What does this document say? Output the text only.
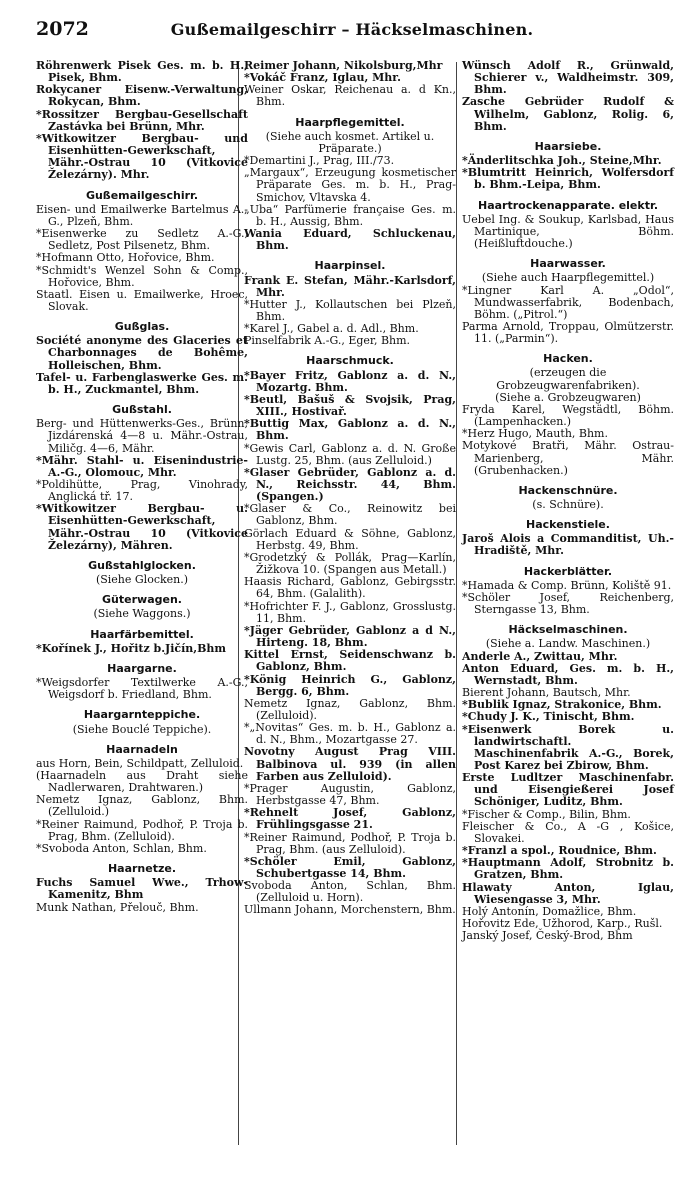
2072	Gußemailgeschirr – Häckselmaschinen.
Röhrenwerk Pisek Ges. m. b. H., Pisek, Bhm.
Rokycaner Eisenw.-Verwaltung, Rokycan, Bhm.
*Rossitzer Bergbau-Gesellschaft Zastávka bei Brünn, Mhr.
*Witkowitzer Bergbau- und Eisenhütten-Gewerkschaft, Mähr.-Ostrau 10 (Vitkovice Železárny). Mhr.
Gußemailgeschirr.
Eisen- und Emailwerke Bartelmus A.-G., Plzeň, Bhm.
*Eisenwerke zu Sedletz A.-G., Sedletz, Post Pilsenetz, Bhm.
*Hofmann Otto, Hořovice, Bhm.
*Schmidt's Wenzel Sohn & Comp., Hořovice, Bhm.
Staatl. Eisen u. Emailwerke, Hroec, Slovak.
Gußglas.
Société anonyme des Glaceries et Charbonnages de Bohême, Holleischen, Bhm.
Tafel- u. Farbenglaswerke Ges. m. b. H., Zuckmantel, Bhm.
Gußstahl.
Berg- und Hüttenwerks-Ges., Brünn, Jizdárenská 4—8 u. Mähr.-Ostrau, Miličg. 4—6, Mähr.
*Mähr. Stahl- u. Eisenindustrie-A.-G., Olomouc, Mhr.
*Poldihütte, Prag, Vinohrady, Anglická tř. 17.
*Witkowitzer Bergbau- u. Eisenhütten-Gewerkschaft, Mähr.-Ostrau 10 (Vitkovice Železárny), Mähren.
Gußstahlglocken.
(Siehe Glocken.)
Güterwagen.
(Siehe Waggons.)
Haarfärbemittel.
*Kořínek J., Hořitz b.Jičín,Bhm
Haargarne.
*Weigsdorfer Textilwerke A.-G., Weigsdorf b. Friedland, Bhm.
Haargarnteppiche.
(Siehe Bouclé Teppiche).
Haarnadeln
aus Horn, Bein, Schildpatt, Zelluloid.
(Haarnadeln aus Draht siehe Nadlerwaren, Drahtwaren.)
Nemetz Ignaz, Gablonz, Bhm. (Zelluloid.)
*Reiner Raimund, Podhoř, P. Troja b. Prag, Bhm. (Zelluloid).
*Svoboda Anton, Schlan, Bhm.
Haarnetze.
Fuchs Samuel Wwe., Trhow-Kamenitz, Bhm
Munk Nathan, Přelouč, Bhm.
Reimer Johann, Nikolsburg,Mhr
*Vokáč Franz, Iglau, Mhr.
Weiner Oskar, Reichenau a. d Kn., Bhm.
Haarpflegemittel.
(Siehe auch kosmet. Artikel u. Präparate.)
*Demartini J., Prag, III./73.
„Margaux“, Erzeugung kosmetischer Präparate Ges. m. b. H., Prag-Smichov, Vltavska 4.
„Uba“ Parfümerie française Ges. m. b. H., Aussig, Bhm.
Wania Eduard, Schluckenau, Bhm.
Haarpinsel.
Frank E. Stefan, Mähr.-Karlsdorf, Mhr.
*Hutter J., Kollautschen bei Plzeň, Bhm.
*Karel J., Gabel a. d. Adl., Bhm.
Pinselfabrik A.-G., Eger, Bhm.
Haarschmuck.
*Bayer Fritz, Gablonz a. d. N., Mozartg. Bhm.
*Beutl, Bašuš & Svojsik, Prag, XIII., Hostivař.
*Buttig Max, Gablonz a. d. N., Bhm.
*Gewis Carl, Gablonz a. d. N. Große Lustg. 25, Bhm. (aus Zelluloid.)
*Glaser Gebrüder, Gablonz a. d. N., Reichsstr. 44, Bhm. (Spangen.)
*Glaser & Co., Reinowitz bei Gablonz, Bhm.
Görlach Eduard & Söhne, Gablonz, Herbstg. 49, Bhm.
*Grodetzký & Pollák, Prag—Karlín, Žižkova 10. (Spangen aus Metall.)
Haasis Richard, Gablonz, Gebirgsstr. 64, Bhm. (Galalith).
*Hofrichter F. J., Gablonz, Grosslustg. 11, Bhm.
*Jäger Gebrüder, Gablonz a d N., Hirteng. 18, Bhm.
Kittel Ernst, Seidenschwanz b. Gablonz, Bhm.
*König Heinrich G., Gablonz, Bergg. 6, Bhm.
Nemetz Ignaz, Gablonz, Bhm. (Zelluloid).
*„Novitas“ Ges. m. b. H., Gablonz a. d. N., Bhm., Mozartgasse 27.
Novotny August Prag VIII. Balbinova ul. 939 (in allen Farben aus Zelluloid).
*Prager Augustin, Gablonz, Herbstgasse 47, Bhm.
*Rehnelt Josef, Gablonz, Frühlingsgasse 21.
*Reiner Raimund, Podhoř, P. Troja b. Prag, Bhm. (aus Zelluloid).
*Schöler Emil, Gablonz, Schubertgasse 14, Bhm.
Svoboda Anton, Schlan, Bhm. (Zelluloid u. Horn).
Ullmann Johann, Morchenstern, Bhm.
Wünsch Adolf R., Grünwald, Schierer v., Waldheimstr. 309, Bhm.
Zasche Gebrüder Rudolf & Wilhelm, Gablonz, Rolig. 6, Bhm.
Haarsiebe.
*Änderlitschka Joh., Steine,Mhr.
*Blumtritt Heinrich, Wolfersdorf b. Bhm.-Leipa, Bhm.
Haartrockenapparate. elektr.
Uebel Ing. & Soukup, Karlsbad, Haus Martinique, Böhm. (Heißluftdouche.)
Haarwasser.
(Siehe auch Haarpflegemittel.)
*Lingner Karl A. „Odol“, Mundwasserfabrik, Bodenbach, Böhm. („Pitrol.“)
Parma Arnold, Troppau, Olmützerstr. 11. („Parmin“).
Hacken.
(erzeugen die Grobzeugwarenfabriken).
(Siehe a. Grobzeugwaren)
Fryda Karel, Wegstädtl, Böhm. (Lampenhacken.)
*Herz Hugo, Mauth, Bhm.
Motykové Bratři, Mähr. Ostrau-Marienberg, Mähr. (Grubenhacken.)
Hackenschnüre.
(s. Schnüre).
Hackenstiele.
Jaroš Alois a Commanditist, Uh.-Hradiště, Mhr.
Hackerblätter.
*Hamada & Comp. Brünn, Koliště 91.
*Schöler Josef, Reichenberg, Sterngasse 13, Bhm.
Häckselmaschinen.
(Siehe a. Landw. Maschinen.)
Anderle A., Zwittau, Mhr.
Anton Eduard, Ges. m. b. H., Wernstadt, Bhm.
Bierent Johann, Bautsch, Mhr.
*Bublik Ignaz, Strakonice, Bhm.
*Chudy J. K., Tinischt, Bhm.
*Eisenwerk Borek u. landwirtschaftl. Maschinenfabrik A.-G., Borek, Post Karez bei Zbirow, Bhm.
Erste Ludltzer Maschinenfabr. und Eisengießerei Josef Schöniger, Luditz, Bhm.
*Fischer & Comp., Bilin, Bhm.
Fleischer & Co., A -G , Košice, Slovakei.
*Franzl a spol., Roudnice, Bhm.
*Hauptmann Adolf, Strobnitz b. Gratzen, Bhm.
Hlawaty Anton, Iglau, Wiesengasse 3, Mhr.
Holý Antonín, Domažlice, Bhm.
Hořovitz Ede, Užhorod, Karp., Rušl.
Janský Josef, Český-Brod, Bhm
